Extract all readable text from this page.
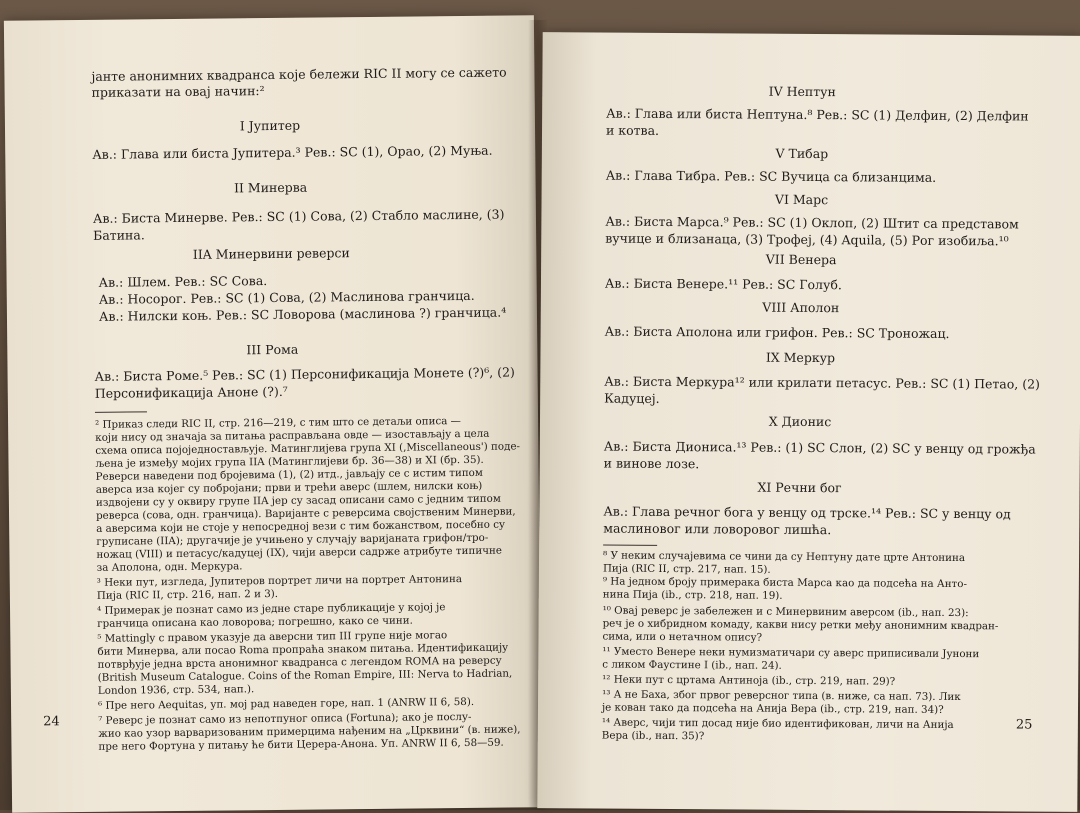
јанте анонимних квадранса које бележи RIC II могу се сажето
приказати на овај начин:²
I Јупитер
Ав.: Глава или биста Јупитера.³ Рев.: SC (1), Орао, (2) Муња.
II Минерва
Ав.: Биста Минерве. Рев.: SC (1) Сова, (2) Стабло маслине, (3)
Батина.
IIA Минервини реверси
Ав.: Шлем. Рев.: SC Сова.
Ав.: Носорог. Рев.: SC (1) Сова, (2) Маслинова гранчица.
Ав.: Нилски коњ. Рев.: SC Ловорова (маслинова ?) гранчица.⁴
III Рома
Ав.: Биста Роме.⁵ Рев.: SC (1) Персонификација Монете (?)⁶, (2)
Персонификација Аноне (?).⁷
² Приказ следи RIC II, стр. 216—219, с тим што се детаљи описа —
који нису од значаја за питања расправљана овде — изостављају а цела
схема описа појoједностављује. Матинглијева група XI (‚Miscellaneous') поде-
љена је између мојих група IIA (Матинглијеви бр. 36—38) и XI (бр. 35).
Реверси наведени под бројевима (1), (2) итд., јављају се с истим типом
аверса иза којег су побројани; први и трећи аверс (шлем, нилски коњ)
издвојени су у оквиру групе IIA јер су засад описани само с једним типом
реверса (сова, одн. гранчица). Варијанте с реверсима својственим Минерви,
а аверсима који не стоје у непосредној вези с тим божанством, посебно су
груписане (IIA); другачије је учињено у случају варијаната грифон/тро-
ножац (VIII) и петасус/кадуцеј (IX), чији аверси садрже атрибуте типичне
за Аполона, одн. Меркура.
³ Неки пут, изгледа, Јупитеров портрет личи на портрет Антонина
Пија (RIC II, стр. 216, нап. 2 и 3).
⁴ Примерак је познат само из једне старе публикације у којој је
гранчица описана као ловорова; погрешно, како се чини.
⁵ Mattingly с правом указује да аверсни тип III групе није могао
бити Минерва, али посао Roma пропраћа знаком питања. Идентификацију
потврђује једна врста анонимног квадранса с легендом ROMA на реверсу
(British Museum Catalogue. Coins of the Roman Empire, III: Nerva to Hadrian,
London 1936, стр. 534, нап.).
⁶ Пре него Aequitas, уп. мој рад наведен горе, нап. 1 (ANRW II 6, 58).
⁷ Реверс је познат само из непотпуног описа (Fortuna); ако је послу-
жио као узор варваризованим примерцима нађеним на „Црквини“ (в. ниже),
пре него Фортуна у питању ће бити Церера-Анона. Уп. ANRW II 6, 58—59.
24
IV Нептун
Ав.: Глава или биста Нептуна.⁸ Рев.: SC (1) Делфин, (2) Делфин
и котва.
V Тибар
Ав.: Глава Тибра. Рев.: SC Вучица са близанцима.
VI Марс
Ав.: Биста Марса.⁹ Рев.: SC (1) Оклоп, (2) Штит са представом
вучице и близанаца, (3) Трофеј, (4) Aquila, (5) Рог изобиља.¹⁰
VII Венера
Ав.: Биста Венере.¹¹ Рев.: SC Голуб.
VIII Аполон
Ав.: Биста Аполона или грифон. Рев.: SC Троножац.
IX Меркур
Ав.: Биста Меркура¹² или крилати петасус. Рев.: SC (1) Петао, (2)
Кадуцеј.
X Дионис
Ав.: Биста Диониса.¹³ Рев.: (1) SC Слон, (2) SC у венцу од грожђа
и винове лозе.
XI Речни бог
Ав.: Глава речног бога у венцу од трске.¹⁴ Рев.: SC у венцу од
маслиновог или ловоровог лишћа.
⁸ У неким случајевима се чини да су Нептуну дате црте Антонина
Пија (RIC II, стр. 217, нап. 15).
⁹ На једном броју примерака биста Марса као да подсећа на Анто-
нина Пија (ib., стр. 218, нап. 19).
¹⁰ Овај реверс је забележен и с Минервиним аверсом (ib., нап. 23):
реч је о хибридном комаду, какви нису ретки међу анонимним квадран-
сима, или о нетачном опису?
¹¹ Уместо Венере неки нумизматичари су аверс приписивали Јунони
с ликом Фаустине I (ib., нап. 24).
¹² Неки пут с цртама Антиноја (ib., стр. 219, нап. 29)?
¹³ А не Баха, због првог реверсног типа (в. ниже, са нап. 73). Лик
је кован тако да подсећа на Анија Вера (ib., стр. 219, нап. 34)?
¹⁴ Аверс, чији тип досад није био идентификован, личи на Анија
Вера (ib., нап. 35)?
25
